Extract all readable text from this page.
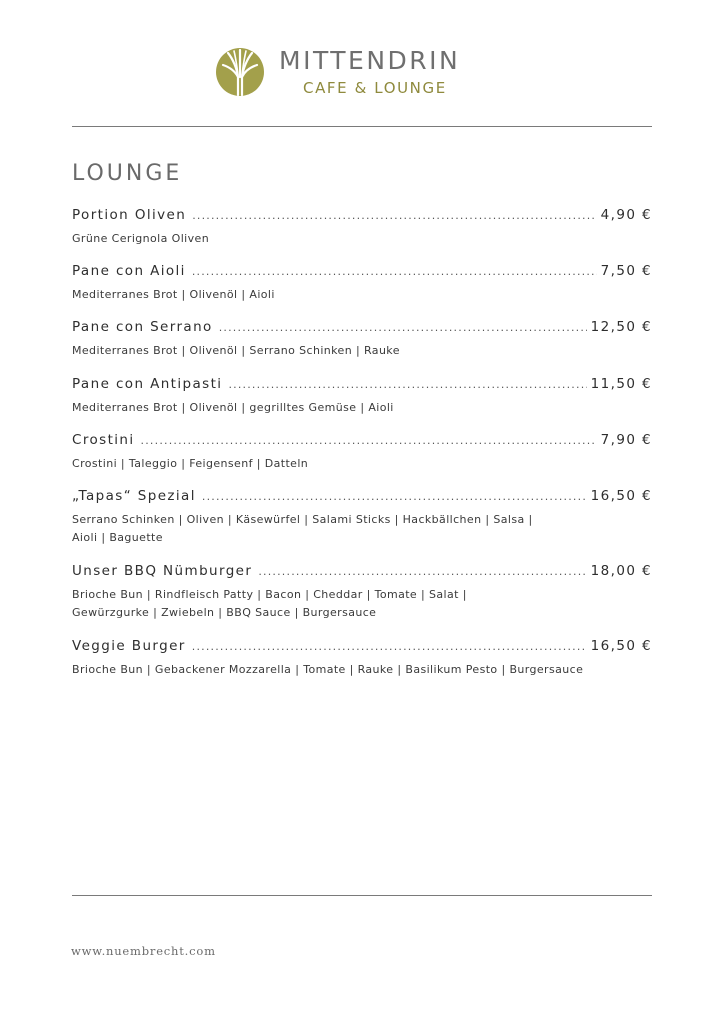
MITTENDRIN
CAFE & LOUNGE
LOUNGE
Portion Oliven .....	4,90 €
Grüne Cerignola Oliven
Pane con Aioli .....	7,50 €
Mediterranes Brot | Olivenöl | Aioli
Pane con Serrano .....	12,50 €
Mediterranes Brot | Olivenöl | Serrano Schinken | Rauke
Pane con Antipasti .....	11,50 €
Mediterranes Brot | Olivenöl | gegrilltes Gemüse | Aioli
Crostini .....	7,90 €
Crostini | Taleggio | Feigensenf | Datteln
„Tapas“ Spezial .....	16,50 €
Serrano Schinken | Oliven | Käsewürfel | Salami Sticks | Hackbällchen | Salsa | Aioli | Baguette
Unser BBQ Nümburger .....	18,00 €
Brioche Bun | Rindfleisch Patty | Bacon | Cheddar | Tomate | Salat | Gewürzgurke | Zwiebeln | BBQ Sauce | Burgersauce
Veggie Burger .....	16,50 €
Brioche Bun | Gebackener Mozzarella | Tomate | Rauke | Basilikum Pesto | Burgersauce
www.nuembrecht.com
